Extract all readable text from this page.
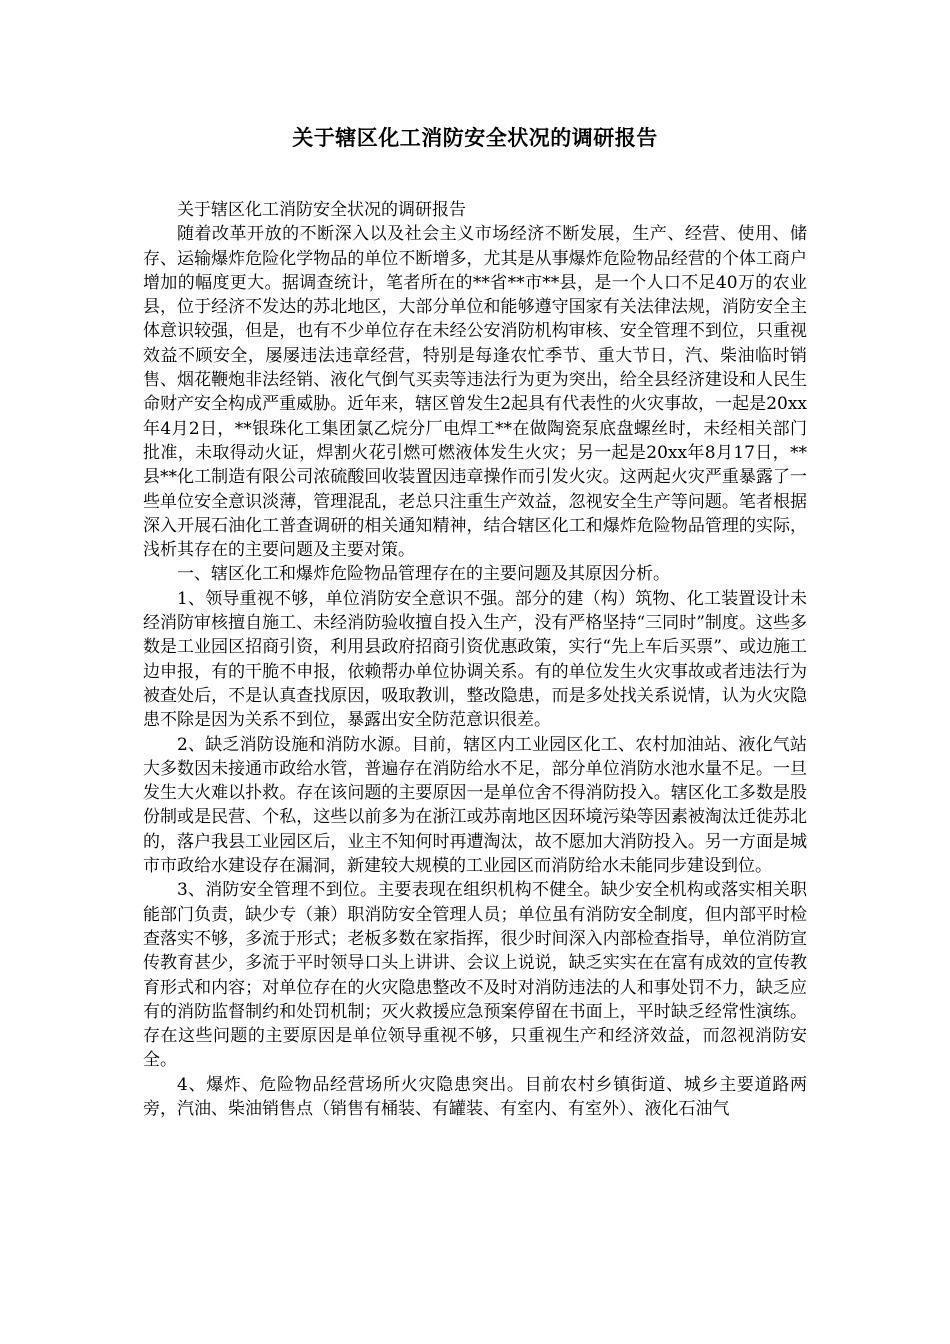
关于辖区化工消防安全状况的调研报告

关于辖区化工消防安全状况的调研报告

随着改革开放的不断深入以及社会主义市场经济不断发展，生产、经营、使用、储存、运输爆炸危险化学物品的单位不断增多，尤其是从事爆炸危险物品经营的个体工商户增加的幅度更大。据调查统计，笔者所在的**省**市**县，是一个人口不足40万的农业县，位于经济不发达的苏北地区，大部分单位和能够遵守国家有关法律法规，消防安全主体意识较强，但是，也有不少单位存在未经公安消防机构审核、安全管理不到位，只重视效益不顾安全，屡屡违法违章经营，特别是每逢农忙季节、重大节日，汽、柴油临时销售、烟花鞭炮非法经销、液化气倒气买卖等违法行为更为突出，给全县经济建设和人民生命财产安全构成严重威胁。近年来，辖区曾发生2起具有代表性的火灾事故，一起是20xx年4月2日，**银珠化工集团氯乙烷分厂电焊工**在做陶瓷泵底盘螺丝时，未经相关部门批准，未取得动火证，焊割火花引燃可燃液体发生火灾；另一起是20xx年8月17日，**县**化工制造有限公司浓硫酸回收装置因违章操作而引发火灾。这两起火灾严重暴露了一些单位安全意识淡薄，管理混乱，老总只注重生产效益，忽视安全生产等问题。笔者根据深入开展石油化工普查调研的相关通知精神，结合辖区化工和爆炸危险物品管理的实际，浅析其存在的主要问题及主要对策。

一、辖区化工和爆炸危险物品管理存在的主要问题及其原因分析。

1、领导重视不够，单位消防安全意识不强。部分的建（构）筑物、化工装置设计未经消防审核擅自施工、未经消防验收擅自投入生产，没有严格坚持“三同时”制度。这些多数是工业园区招商引资，利用县政府招商引资优惠政策，实行“先上车后买票”、或边施工边申报，有的干脆不申报，依赖帮办单位协调关系。有的单位发生火灾事故或者违法行为被查处后，不是认真查找原因，吸取教训，整改隐患，而是多处找关系说情，认为火灾隐患不除是因为关系不到位，暴露出安全防范意识很差。

2、缺乏消防设施和消防水源。目前，辖区内工业园区化工、农村加油站、液化气站大多数因未接通市政给水管，普遍存在消防给水不足，部分单位消防水池水量不足。一旦发生大火难以扑救。存在该问题的主要原因一是单位舍不得消防投入。辖区化工多数是股份制或是民营、个私，这些以前多为在浙江或苏南地区因环境污染等因素被淘汰迁徙苏北的，落户我县工业园区后，业主不知何时再遭淘汰，故不愿加大消防投入。另一方面是城市市政给水建设存在漏洞，新建较大规模的工业园区而消防给水未能同步建设到位。

3、消防安全管理不到位。主要表现在组织机构不健全。缺少安全机构或落实相关职能部门负责，缺少专（兼）职消防安全管理人员；单位虽有消防安全制度，但内部平时检查落实不够，多流于形式；老板多数在家指挥，很少时间深入内部检查指导，单位消防宣传教育甚少，多流于平时领导口头上讲讲、会议上说说，缺乏实实在在富有成效的宣传教育形式和内容；对单位存在的火灾隐患整改不及时对消防违法的人和事处罚不力，缺乏应有的消防监督制约和处罚机制；灭火救援应急预案停留在书面上，平时缺乏经常性演练。存在这些问题的主要原因是单位领导重视不够，只重视生产和经济效益，而忽视消防安全。

4、爆炸、危险物品经营场所火灾隐患突出。目前农村乡镇街道、城乡主要道路两旁，汽油、柴油销售点（销售有桶装、有罐装、有室内、有室外）、液化石油气
